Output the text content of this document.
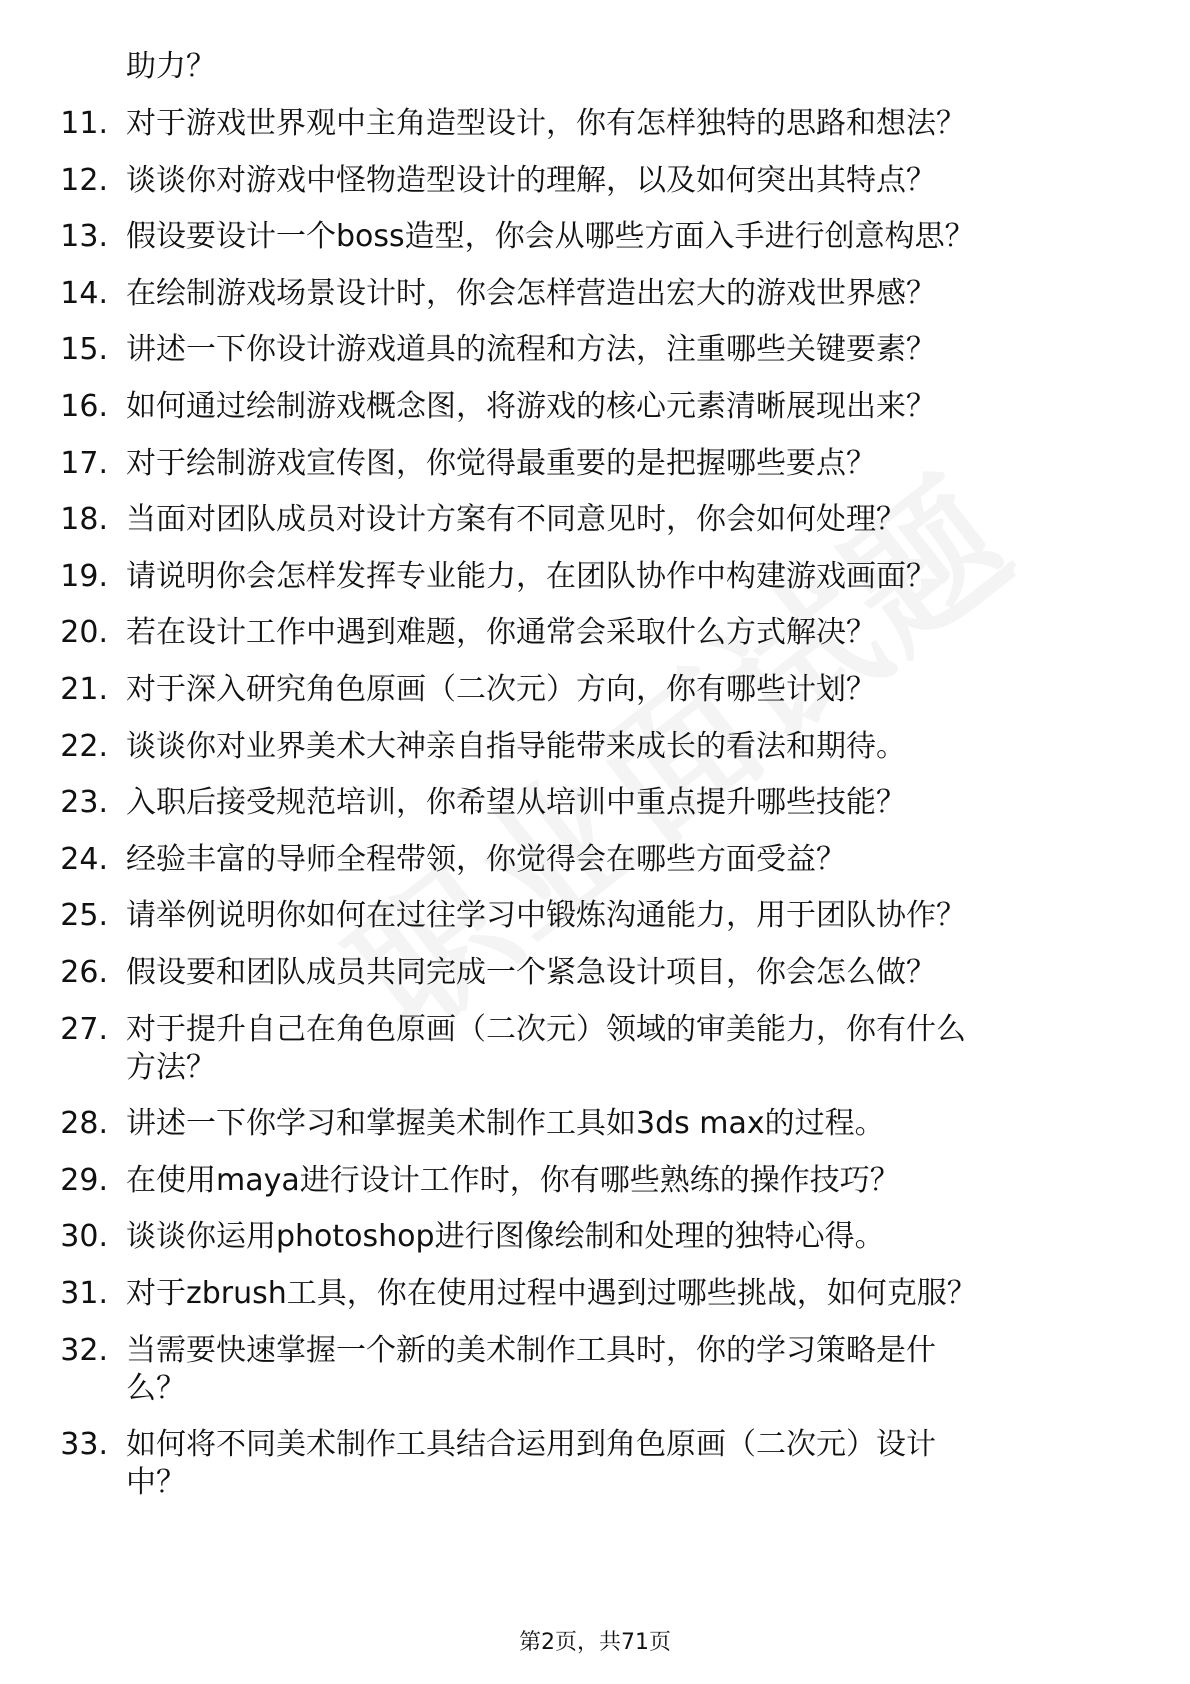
助力？
11. 对于游戏世界观中主角造型设计，你有怎样独特的思路和想法？
12. 谈谈你对游戏中怪物造型设计的理解，以及如何突出其特点？
13. 假设要设计一个boss造型，你会从哪些方面入手进行创意构思？
14. 在绘制游戏场景设计时，你会怎样营造出宏大的游戏世界感？
15. 讲述一下你设计游戏道具的流程和方法，注重哪些关键要素？
16. 如何通过绘制游戏概念图，将游戏的核心元素清晰展现出来？
17. 对于绘制游戏宣传图，你觉得最重要的是把握哪些要点？
18. 当面对团队成员对设计方案有不同意见时，你会如何处理？
19. 请说明你会怎样发挥专业能力，在团队协作中构建游戏画面？
20. 若在设计工作中遇到难题，你通常会采取什么方式解决？
21. 对于深入研究角色原画（二次元）方向，你有哪些计划？
22. 谈谈你对业界美术大神亲自指导能带来成长的看法和期待。
23. 入职后接受规范培训，你希望从培训中重点提升哪些技能？
24. 经验丰富的导师全程带领，你觉得会在哪些方面受益？
25. 请举例说明你如何在过往学习中锻炼沟通能力，用于团队协作？
26. 假设要和团队成员共同完成一个紧急设计项目，你会怎么做？
27. 对于提升自己在角色原画（二次元）领域的审美能力，你有什么
方法？
28. 讲述一下你学习和掌握美术制作工具如3ds max的过程。
29. 在使用maya进行设计工作时，你有哪些熟练的操作技巧？
30. 谈谈你运用photoshop进行图像绘制和处理的独特心得。
31. 对于zbrush工具，你在使用过程中遇到过哪些挑战，如何克服？
32. 当需要快速掌握一个新的美术制作工具时，你的学习策略是什
么？
33. 如何将不同美术制作工具结合运用到角色原画（二次元）设计
中？
第2页，共71页
